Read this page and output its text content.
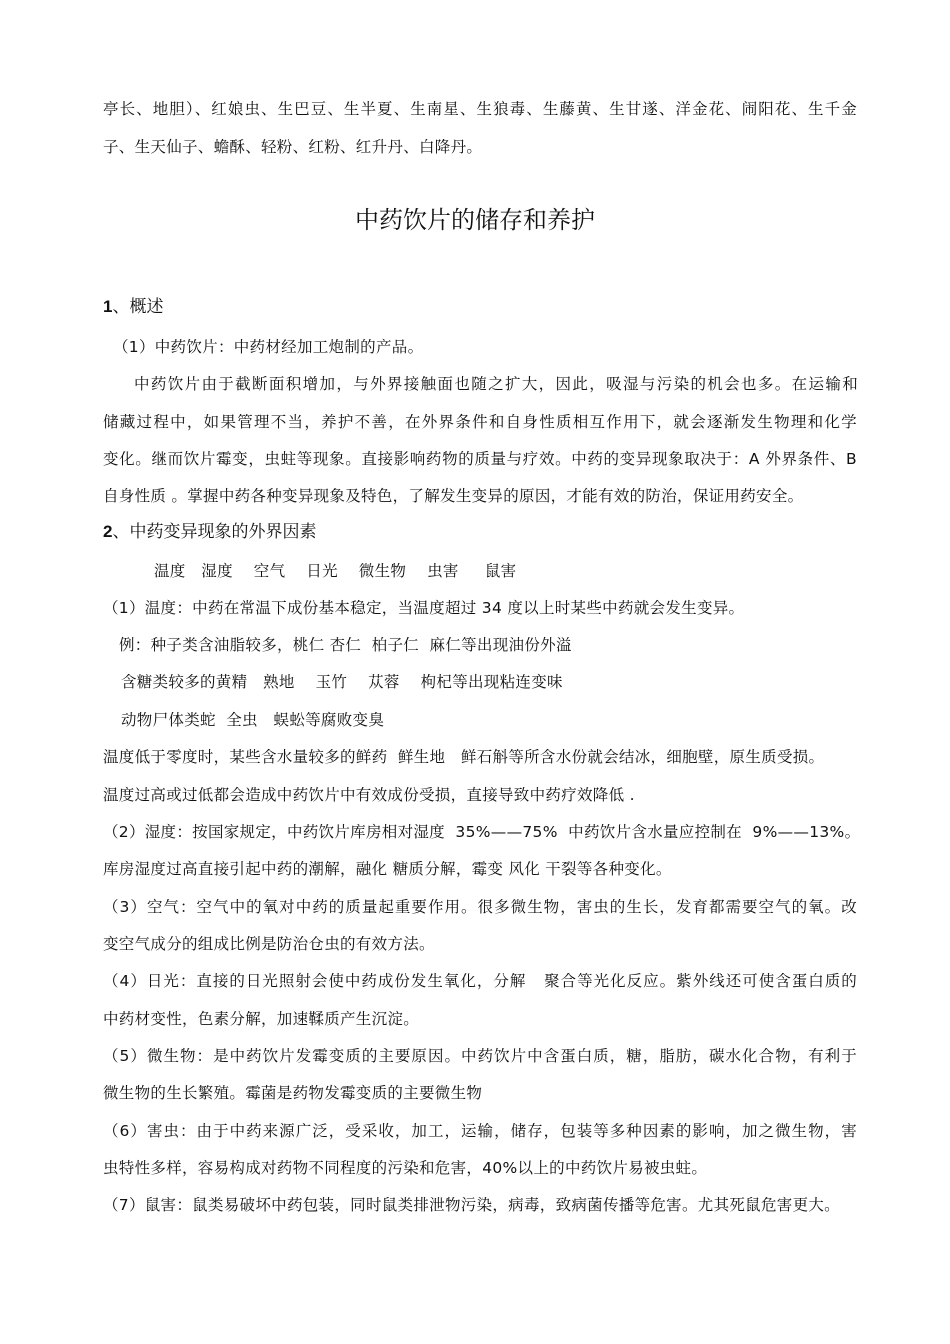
亭长、地胆）、红娘虫、生巴豆、生半夏、生南星、生狼毒、生藤黄、生甘遂、洋金花、闹阳花、生千金
子、生天仙子、蟾酥、轻粉、红粉、红升丹、白降丹。
中药饮片的储存和养护
1、概述
（1）中药饮片：中药材经加工炮制的产品。
中药饮片由于截断面积增加，与外界接触面也随之扩大，因此，吸湿与污染的机会也多。在运输和
储藏过程中，如果管理不当，养护不善，在外界条件和自身性质相互作用下，就会逐渐发生物理和化学
变化。继而饮片霉变，虫蛀等现象。直接影响药物的质量与疗效。中药的变异现象取决于：A 外界条件、B
自身性质 。掌握中药各种变异现象及特色，了解发生变异的原因，才能有效的防治，保证用药安全。
2、中药变异现象的外界因素
温度   湿度    空气    日光    微生物    虫害     鼠害
（1）温度：中药在常温下成份基本稳定，当温度超过 34 度以上时某些中药就会发生变异。
例：种子类含油脂较多，桃仁 杏仁  柏子仁  麻仁等出现油份外溢
含糖类较多的黄精   熟地    玉竹    苁蓉    枸杞等出现粘连变味
动物尸体类蛇  全虫   蜈蚣等腐败变臭
温度低于零度时，某些含水量较多的鲜药  鲜生地   鲜石斛等所含水份就会结冰，细胞壁，原生质受损。
温度过高或过低都会造成中药饮片中有效成份受损，直接导致中药疗效降低 .
（2）湿度：按国家规定，中药饮片库房相对湿度  35%——75%  中药饮片含水量应控制在  9%——13%。
库房湿度过高直接引起中药的潮解，融化 糖质分解，霉变 风化 干裂等各种变化。
（3）空气：空气中的氧对中药的质量起重要作用。很多微生物，害虫的生长，发育都需要空气的氧。改
变空气成分的组成比例是防治仓虫的有效方法。
（4）日光：直接的日光照射会使中药成份发生氧化，分解   聚合等光化反应。紫外线还可使含蛋白质的
中药材变性，色素分解，加速鞣质产生沉淀。
（5）微生物：是中药饮片发霉变质的主要原因。中药饮片中含蛋白质，糖，脂肪，碳水化合物，有利于
微生物的生长繁殖。霉菌是药物发霉变质的主要微生物
（6）害虫：由于中药来源广泛，受采收，加工，运输，储存，包装等多种因素的影响，加之微生物，害
虫特性多样，容易构成对药物不同程度的污染和危害，40%以上的中药饮片易被虫蛀。
（7）鼠害：鼠类易破坏中药包装，同时鼠类排泄物污染，病毒，致病菌传播等危害。尤其死鼠危害更大。
